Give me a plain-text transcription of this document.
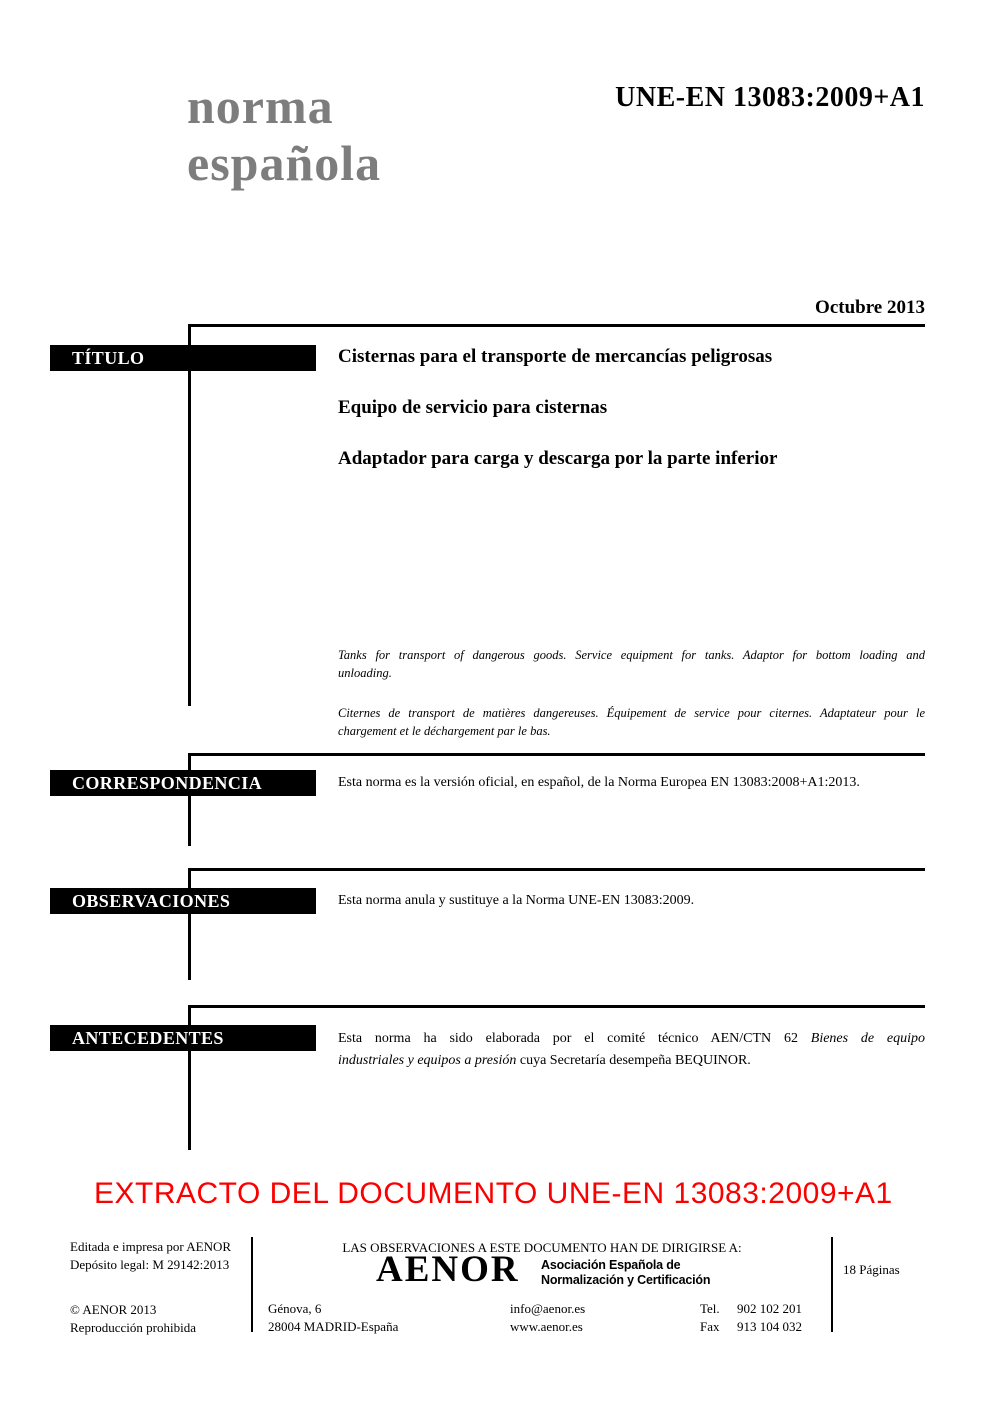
norma
española
UNE-EN 13083:2009+A1
Octubre 2013
TÍTULO	Cisternas para el transporte de mercancías peligrosas
Equipo de servicio para cisternas
Adaptador para carga y descarga por la parte inferior
Tanks for transport of dangerous goods. Service equipment for tanks. Adaptor for bottom loading and
unloading.
Citernes de transport de matières dangereuses. Équipement de service pour citernes. Adaptateur pour le
chargement et le déchargement par le bas.
CORRESPONDENCIA	Esta norma es la versión oficial, en español, de la Norma Europea EN 13083:2008+A1:2013.
OBSERVACIONES	Esta norma anula y sustituye a la Norma UNE-EN 13083:2009.
ANTECEDENTES	Esta norma ha sido elaborada por el comité técnico AEN/CTN 62 Bienes de equipo
industriales y equipos a presión cuya Secretaría desempeña BEQUINOR.
EXTRACTO DEL DOCUMENTO UNE-EN 13083:2009+A1
Editada e impresa por AENOR
Depósito legal: M 29142:2013
© AENOR 2013
Reproducción prohibida
LAS OBSERVACIONES A ESTE DOCUMENTO HAN DE DIRIGIRSE A:
AENOR Asociación Española de
Normalización y Certificación
Génova, 6
28004 MADRID-España
info@aenor.es
www.aenor.es
Tel.
Fax
902 102 201
913 104 032
18 Páginas
